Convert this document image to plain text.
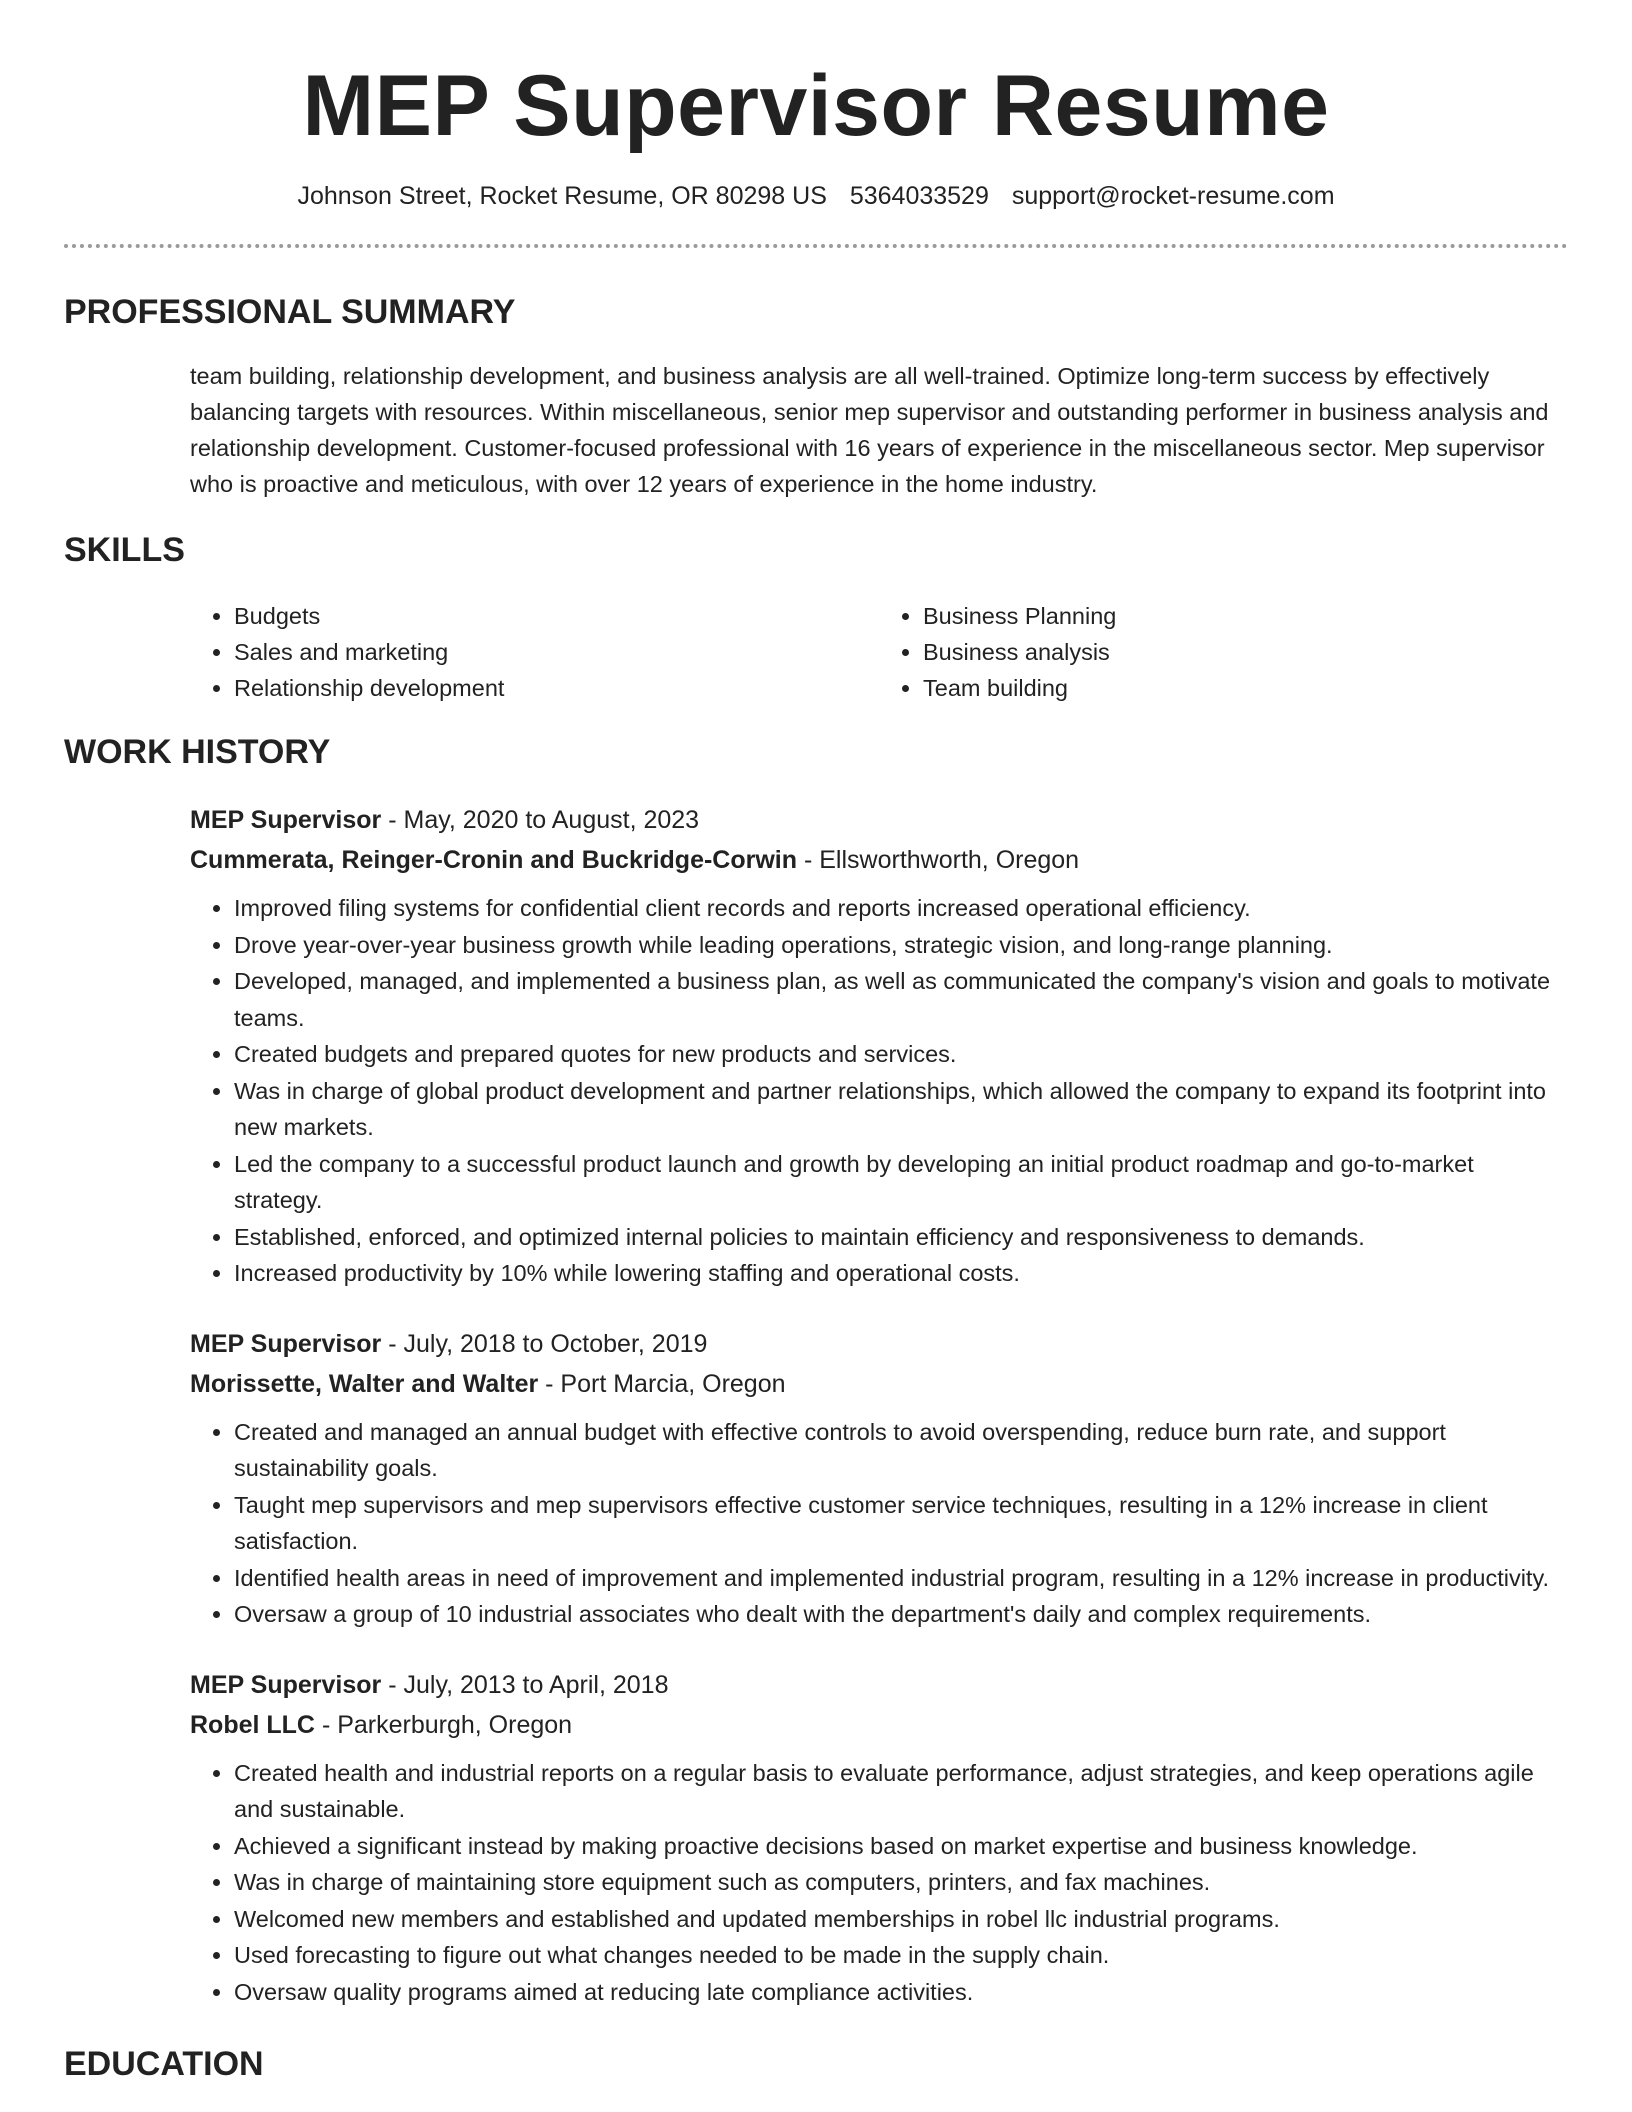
MEP Supervisor Resume
Johnson Street, Rocket Resume, OR 80298 US 5364033529 support@rocket-resume.com
PROFESSIONAL SUMMARY
team building, relationship development, and business analysis are all well-trained. Optimize long-term success by effectively balancing targets with resources. Within miscellaneous, senior mep supervisor and outstanding performer in business analysis and relationship development. Customer-focused professional with 16 years of experience in the miscellaneous sector. Mep supervisor who is proactive and meticulous, with over 12 years of experience in the home industry.
SKILLS
• Budgets
• Sales and marketing
• Relationship development
• Business Planning
• Business analysis
• Team building
WORK HISTORY
MEP Supervisor - May, 2020 to August, 2023
Cummerata, Reinger-Cronin and Buckridge-Corwin - Ellsworthworth, Oregon
• Improved filing systems for confidential client records and reports increased operational efficiency.
• Drove year-over-year business growth while leading operations, strategic vision, and long-range planning.
• Developed, managed, and implemented a business plan, as well as communicated the company's vision and goals to motivate teams.
• Created budgets and prepared quotes for new products and services.
• Was in charge of global product development and partner relationships, which allowed the company to expand its footprint into new markets.
• Led the company to a successful product launch and growth by developing an initial product roadmap and go-to-market strategy.
• Established, enforced, and optimized internal policies to maintain efficiency and responsiveness to demands.
• Increased productivity by 10% while lowering staffing and operational costs.
MEP Supervisor - July, 2018 to October, 2019
Morissette, Walter and Walter - Port Marcia, Oregon
• Created and managed an annual budget with effective controls to avoid overspending, reduce burn rate, and support sustainability goals.
• Taught mep supervisors and mep supervisors effective customer service techniques, resulting in a 12% increase in client satisfaction.
• Identified health areas in need of improvement and implemented industrial program, resulting in a 12% increase in productivity.
• Oversaw a group of 10 industrial associates who dealt with the department's daily and complex requirements.
MEP Supervisor - July, 2013 to April, 2018
Robel LLC - Parkerburgh, Oregon
• Created health and industrial reports on a regular basis to evaluate performance, adjust strategies, and keep operations agile and sustainable.
• Achieved a significant instead by making proactive decisions based on market expertise and business knowledge.
• Was in charge of maintaining store equipment such as computers, printers, and fax machines.
• Welcomed new members and established and updated memberships in robel llc industrial programs.
• Used forecasting to figure out what changes needed to be made in the supply chain.
• Oversaw quality programs aimed at reducing late compliance activities.
EDUCATION
